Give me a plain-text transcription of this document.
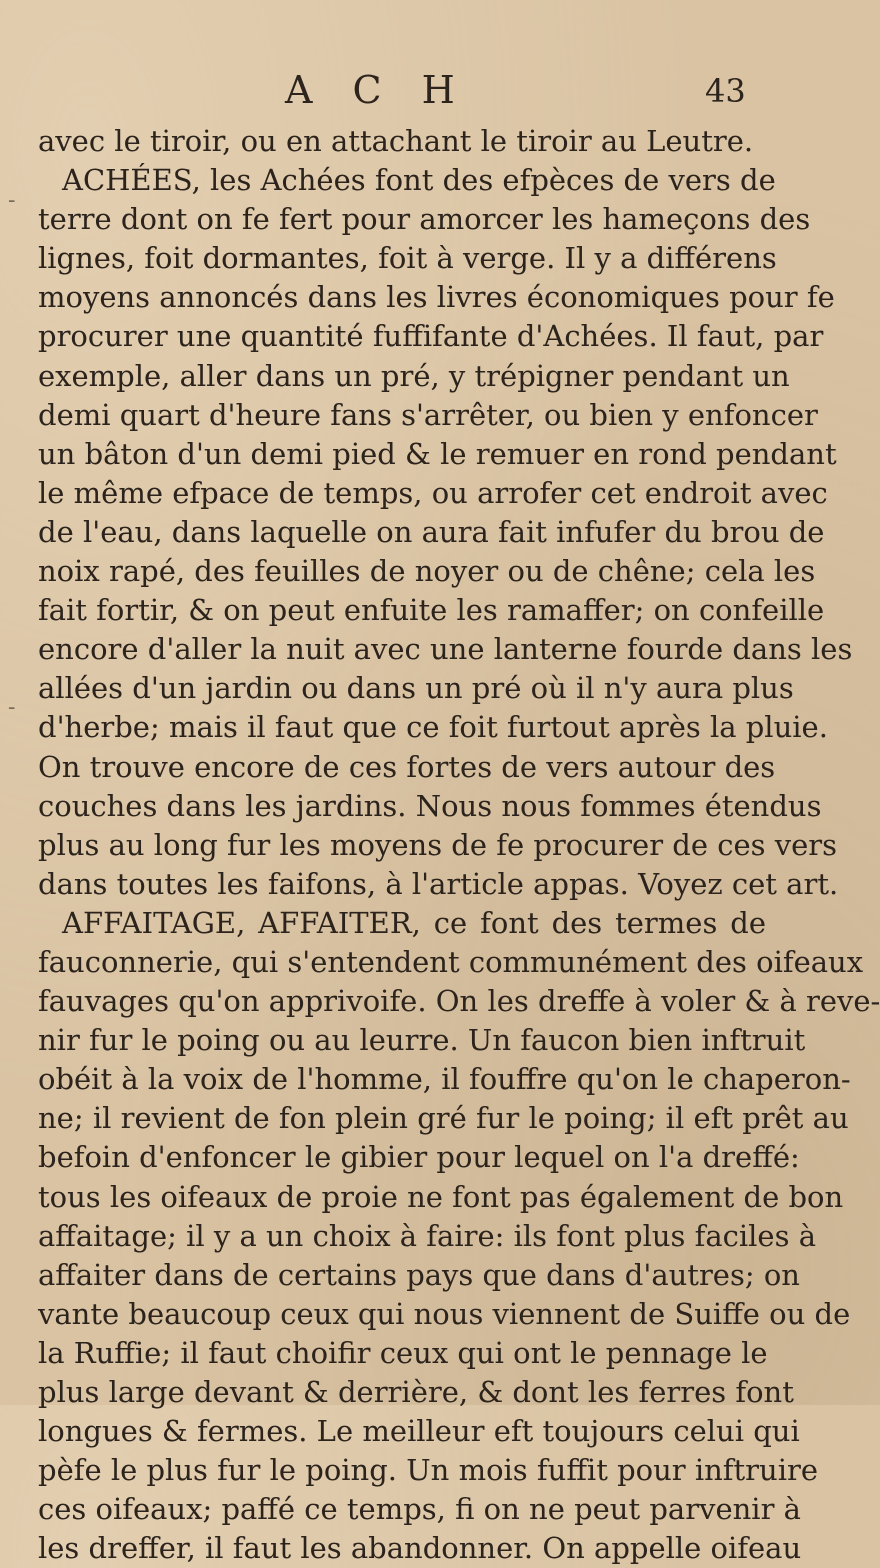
A C H	43
-
-
avec le tiroir, ou en attachant le tiroir au Leutre.
ACHÉES, les Achées font des efpèces de vers de
terre dont on fe fert pour amorcer les hameçons des
lignes, foit dormantes, foit à verge. Il y a différens
moyens annoncés dans les livres économiques pour fe
procurer une quantité fuffifante d'Achées. Il faut, par
exemple, aller dans un pré, y trépigner pendant un
demi quart d'heure fans s'arrêter, ou bien y enfoncer
un bâton d'un demi pied & le remuer en rond pendant
le même efpace de temps, ou arrofer cet endroit avec
de l'eau, dans laquelle on aura fait infufer du brou de
noix rapé, des feuilles de noyer ou de chêne; cela les
fait fortir, & on peut enfuite les ramaffer; on confeille
encore d'aller la nuit avec une lanterne fourde dans les
allées d'un jardin ou dans un pré où il n'y aura plus
d'herbe; mais il faut que ce foit furtout après la pluie.
On trouve encore de ces fortes de vers autour des
couches dans les jardins. Nous nous fommes étendus
plus au long fur les moyens de fe procurer de ces vers
dans toutes les faifons, à l'article appas. Voyez cet art.
AFFAITAGE, AFFAITER, ce font des termes de
fauconnerie, qui s'entendent communément des oifeaux
fauvages qu'on apprivoife. On les dreffe à voler & à reve-
nir fur le poing ou au leurre. Un faucon bien inftruit
obéit à la voix de l'homme, il fouffre qu'on le chaperon-
ne; il revient de fon plein gré fur le poing; il eft prêt au
befoin d'enfoncer le gibier pour lequel on l'a dreffé:
tous les oifeaux de proie ne font pas également de bon
affaitage; il y a un choix à faire: ils font plus faciles à
affaiter dans de certains pays que dans d'autres; on
vante beaucoup ceux qui nous viennent de Suiffe ou de
la Ruffie; il faut choifir ceux qui ont le pennage le
plus large devant & derrière, & dont les ferres font
longues & fermes. Le meilleur eft toujours celui qui
pèfe le plus fur le poing. Un mois fuffit pour inftruire
ces oifeaux; paffé ce temps, fi on ne peut parvenir à
les dreffer, il faut les abandonner. On appelle oifeau
